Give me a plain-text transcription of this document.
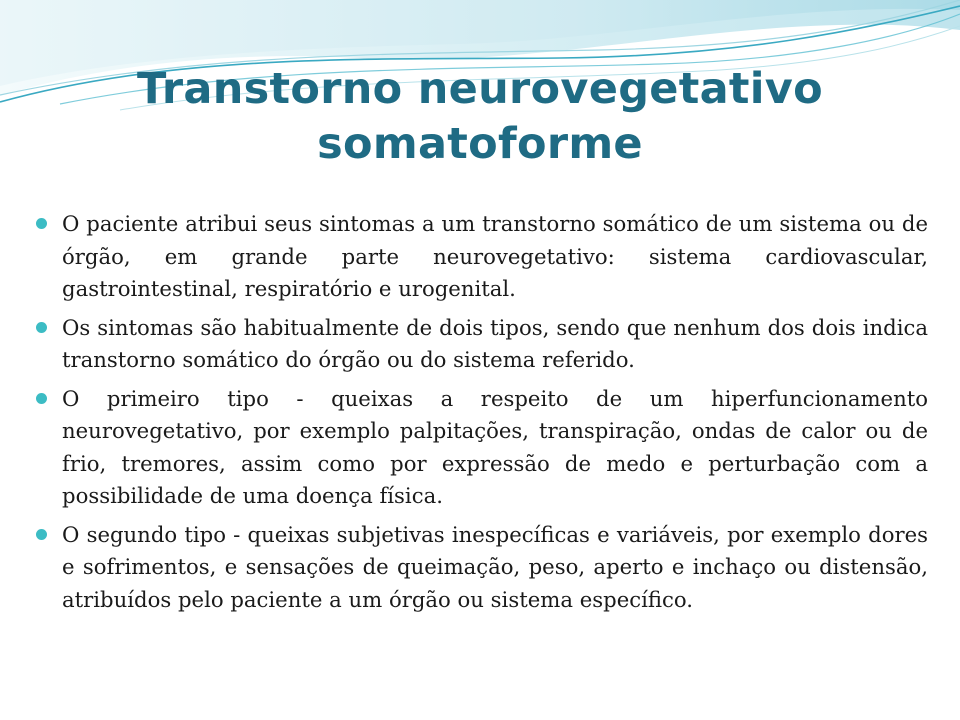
Transtorno neurovegetativo somatoforme
O paciente atribui seus sintomas a um transtorno somático de um sistema ou de órgão, em grande parte neurovegetativo: sistema cardiovascular, gastrointestinal, respiratório e urogenital.
Os sintomas são habitualmente de dois tipos, sendo que nenhum dos dois indica transtorno somático do órgão ou do sistema referido.
O primeiro tipo - queixas a respeito de um hiperfuncionamento neurovegetativo, por exemplo palpitações, transpiração, ondas de calor ou de frio, tremores, assim como por expressão de medo e perturbação com a possibilidade de uma doença física.
O segundo tipo - queixas subjetivas inespecíficas e variáveis, por exemplo dores e sofrimentos, e sensações de queimação, peso, aperto e inchaço ou distensão, atribuídos pelo paciente a um órgão ou sistema específico.
